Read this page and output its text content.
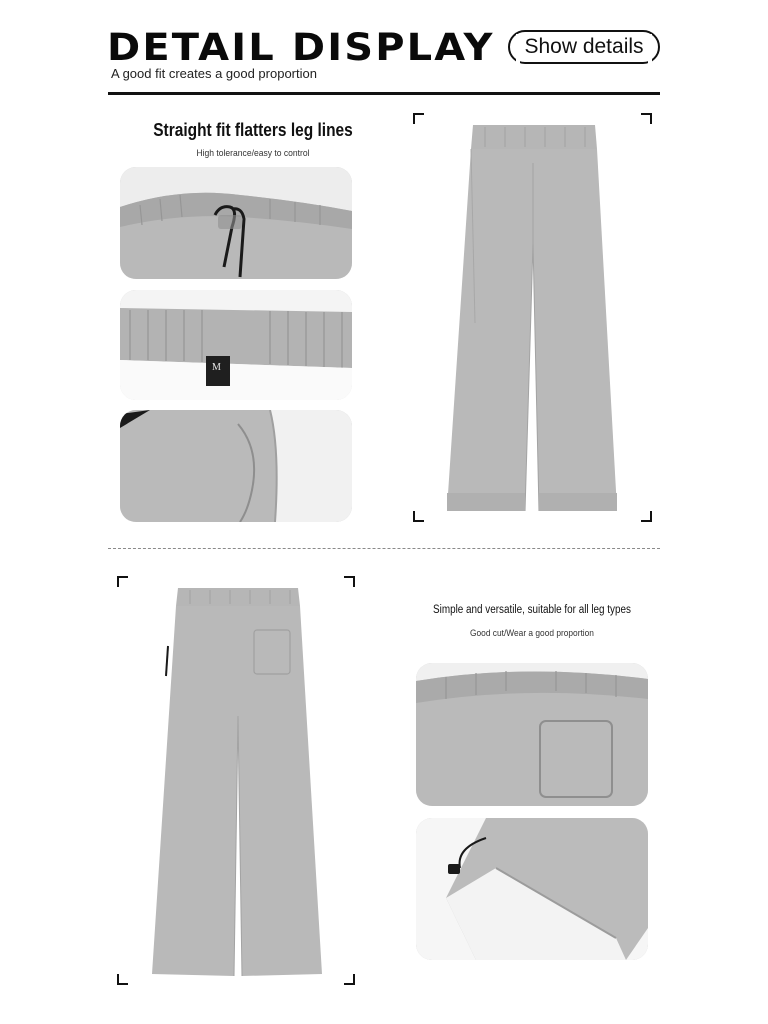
DETAIL DISPLAY
A good fit creates a good proportion
Show details
Straight fit flatters leg lines
High tolerance/easy to control
M
Simple and versatile, suitable for all leg types
Good cut/Wear a good proportion
